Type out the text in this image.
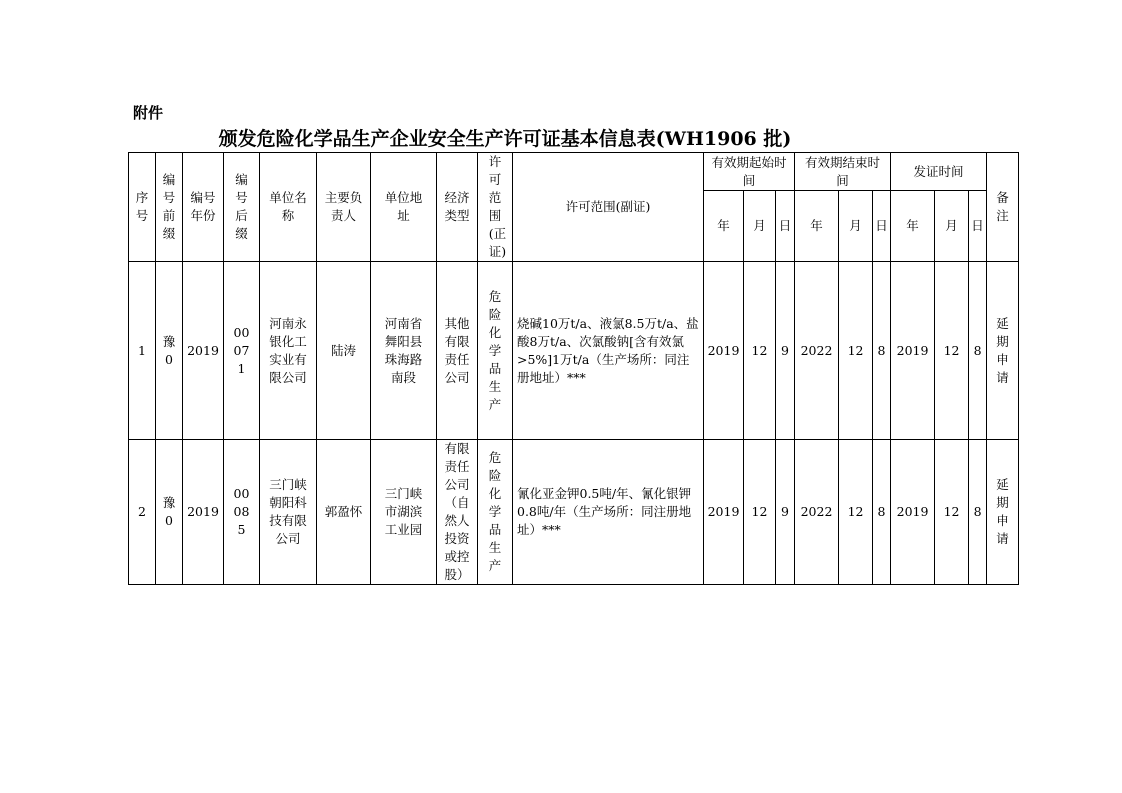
附件
颁发危险化学品生产企业安全生产许可证基本信息表(WH1906 批)
序号	编号前缀	编号年份	编号后缀	单位名称	主要负责人	单位地址	经济类型	许可范围(正证)	许可范围(副证)	有效期起始时间			有效期结束时间			发证时间			备注
										年	月	日	年	月	日	年	月	日	
1	豫0	2019	00071	河南永银化工实业有限公司	陆涛	河南省舞阳县珠海路南段	其他有限责任公司	危险化学品生产	烧碱10万t/a、液氯8.5万t/a、盐酸8万t/a、次氯酸钠[含有效氯>5%]1万t/a（生产场所：同注册地址）***	2019	12	9	2022	12	8	2019	12	8	延期申请
2	豫0	2019	00085	三门峡朝阳科技有限公司	郭盈怀	三门峡市湖滨工业园	有限责任公司（自然人投资或控股）	危险化学品生产	氰化亚金钾0.5吨/年、氰化银钾0.8吨/年（生产场所：同注册地址）***	2019	12	9	2022	12	8	2019	12	8	延期申请
